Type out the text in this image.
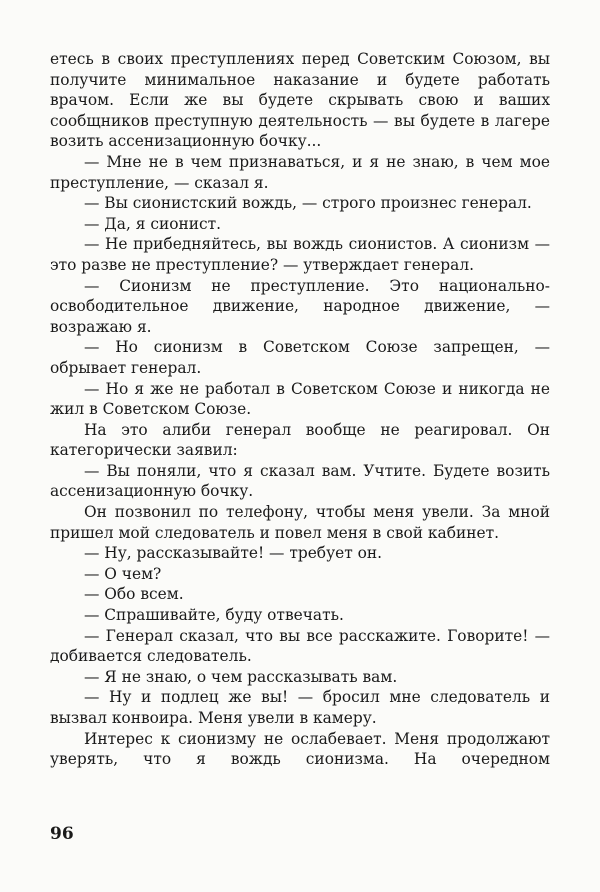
етесь в своих преступлениях перед Советским Союзом, вы получите минимальное наказание и будете работать врачом. Если же вы будете скрывать свою и ваших сообщников преступную деятельность — вы будете в лагере возить ассенизационную бочку...

— Мне не в чем признаваться, и я не знаю, в чем мое преступление, — сказал я.

— Вы сионистский вождь, — строго произнес генерал.

— Да, я сионист.

— Не прибедняйтесь, вы вождь сионистов. А сионизм — это разве не преступление? — утверждает генерал.

— Сионизм не преступление. Это национально-освободительное движение, народное движение, — возражаю я.

— Но сионизм в Советском Союзе запрещен, — обрывает генерал.

— Но я же не работал в Советском Союзе и никогда не жил в Советском Союзе.

На это алиби генерал вообще не реагировал. Он категорически заявил:

— Вы поняли, что я сказал вам. Учтите. Будете возить ассенизационную бочку.

Он позвонил по телефону, чтобы меня увели. За мной пришел мой следователь и повел меня в свой кабинет.

— Ну, рассказывайте! — требует он.

— О чем?

— Обо всем.

— Спрашивайте, буду отвечать.

— Генерал сказал, что вы все расскажите. Говорите! — добивается следователь.

— Я не знаю, о чем рассказывать вам.

— Ну и подлец же вы! — бросил мне следователь и вызвал конвоира. Меня увели в камеру.

Интерес к сионизму не ослабевает. Меня продолжают уверять, что я вождь сионизма. На очередном

96
